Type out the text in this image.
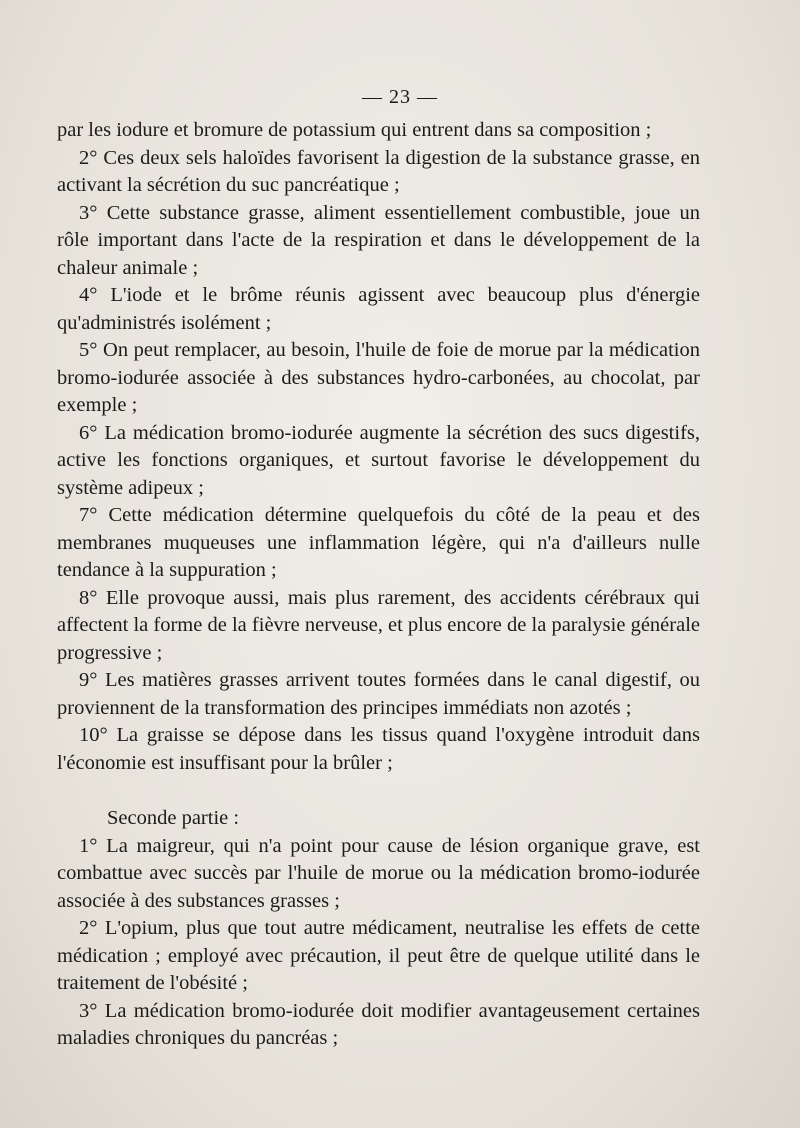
— 23 —

par les iodure et bromure de potassium qui entrent dans sa composition ;

2° Ces deux sels haloïdes favorisent la digestion de la substance grasse, en activant la sécrétion du suc pancréatique ;

3° Cette substance grasse, aliment essentiellement combustible, joue un rôle important dans l'acte de la respiration et dans le développement de la chaleur animale ;

4° L'iode et le brôme réunis agissent avec beaucoup plus d'énergie qu'administrés isolément ;

5° On peut remplacer, au besoin, l'huile de foie de morue par la médication bromo-iodurée associée à des substances hydro-carbonées, au chocolat, par exemple ;

6° La médication bromo-iodurée augmente la sécrétion des sucs digestifs, active les fonctions organiques, et surtout favorise le développement du système adipeux ;

7° Cette médication détermine quelquefois du côté de la peau et des membranes muqueuses une inflammation légère, qui n'a d'ailleurs nulle tendance à la suppuration ;

8° Elle provoque aussi, mais plus rarement, des accidents cérébraux qui affectent la forme de la fièvre nerveuse, et plus encore de la paralysie générale progressive ;

9° Les matières grasses arrivent toutes formées dans le canal digestif, ou proviennent de la transformation des principes immédiats non azotés ;

10° La graisse se dépose dans les tissus quand l'oxygène introduit dans l'économie est insuffisant pour la brûler ;

Seconde partie :

1° La maigreur, qui n'a point pour cause de lésion organique grave, est combattue avec succès par l'huile de morue ou la médication bromo-iodurée associée à des substances grasses ;

2° L'opium, plus que tout autre médicament, neutralise les effets de cette médication ; employé avec précaution, il peut être de quelque utilité dans le traitement de l'obésité ;

3° La médication bromo-iodurée doit modifier avantageusement certaines maladies chroniques du pancréas ;
